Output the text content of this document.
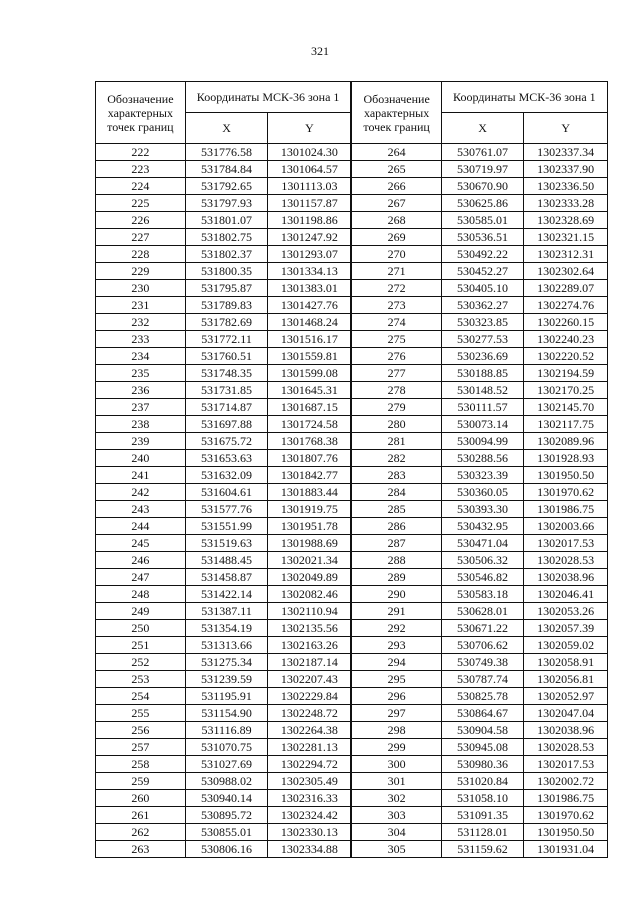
321
Обозначение характерных точек границ	Координаты МСК-36 зона 1		Обозначение характерных точек границ	Координаты МСК-36 зона 1	
	X	Y		X	Y
222	531776.58	1301024.30	264	530761.07	1302337.34
223	531784.84	1301064.57	265	530719.97	1302337.90
224	531792.65	1301113.03	266	530670.90	1302336.50
225	531797.93	1301157.87	267	530625.86	1302333.28
226	531801.07	1301198.86	268	530585.01	1302328.69
227	531802.75	1301247.92	269	530536.51	1302321.15
228	531802.37	1301293.07	270	530492.22	1302312.31
229	531800.35	1301334.13	271	530452.27	1302302.64
230	531795.87	1301383.01	272	530405.10	1302289.07
231	531789.83	1301427.76	273	530362.27	1302274.76
232	531782.69	1301468.24	274	530323.85	1302260.15
233	531772.11	1301516.17	275	530277.53	1302240.23
234	531760.51	1301559.81	276	530236.69	1302220.52
235	531748.35	1301599.08	277	530188.85	1302194.59
236	531731.85	1301645.31	278	530148.52	1302170.25
237	531714.87	1301687.15	279	530111.57	1302145.70
238	531697.88	1301724.58	280	530073.14	1302117.75
239	531675.72	1301768.38	281	530094.99	1302089.96
240	531653.63	1301807.76	282	530288.56	1301928.93
241	531632.09	1301842.77	283	530323.39	1301950.50
242	531604.61	1301883.44	284	530360.05	1301970.62
243	531577.76	1301919.75	285	530393.30	1301986.75
244	531551.99	1301951.78	286	530432.95	1302003.66
245	531519.63	1301988.69	287	530471.04	1302017.53
246	531488.45	1302021.34	288	530506.32	1302028.53
247	531458.87	1302049.89	289	530546.82	1302038.96
248	531422.14	1302082.46	290	530583.18	1302046.41
249	531387.11	1302110.94	291	530628.01	1302053.26
250	531354.19	1302135.56	292	530671.22	1302057.39
251	531313.66	1302163.26	293	530706.62	1302059.02
252	531275.34	1302187.14	294	530749.38	1302058.91
253	531239.59	1302207.43	295	530787.74	1302056.81
254	531195.91	1302229.84	296	530825.78	1302052.97
255	531154.90	1302248.72	297	530864.67	1302047.04
256	531116.89	1302264.38	298	530904.58	1302038.96
257	531070.75	1302281.13	299	530945.08	1302028.53
258	531027.69	1302294.72	300	530980.36	1302017.53
259	530988.02	1302305.49	301	531020.84	1302002.72
260	530940.14	1302316.33	302	531058.10	1301986.75
261	530895.72	1302324.42	303	531091.35	1301970.62
262	530855.01	1302330.13	304	531128.01	1301950.50
263	530806.16	1302334.88	305	531159.62	1301931.04
